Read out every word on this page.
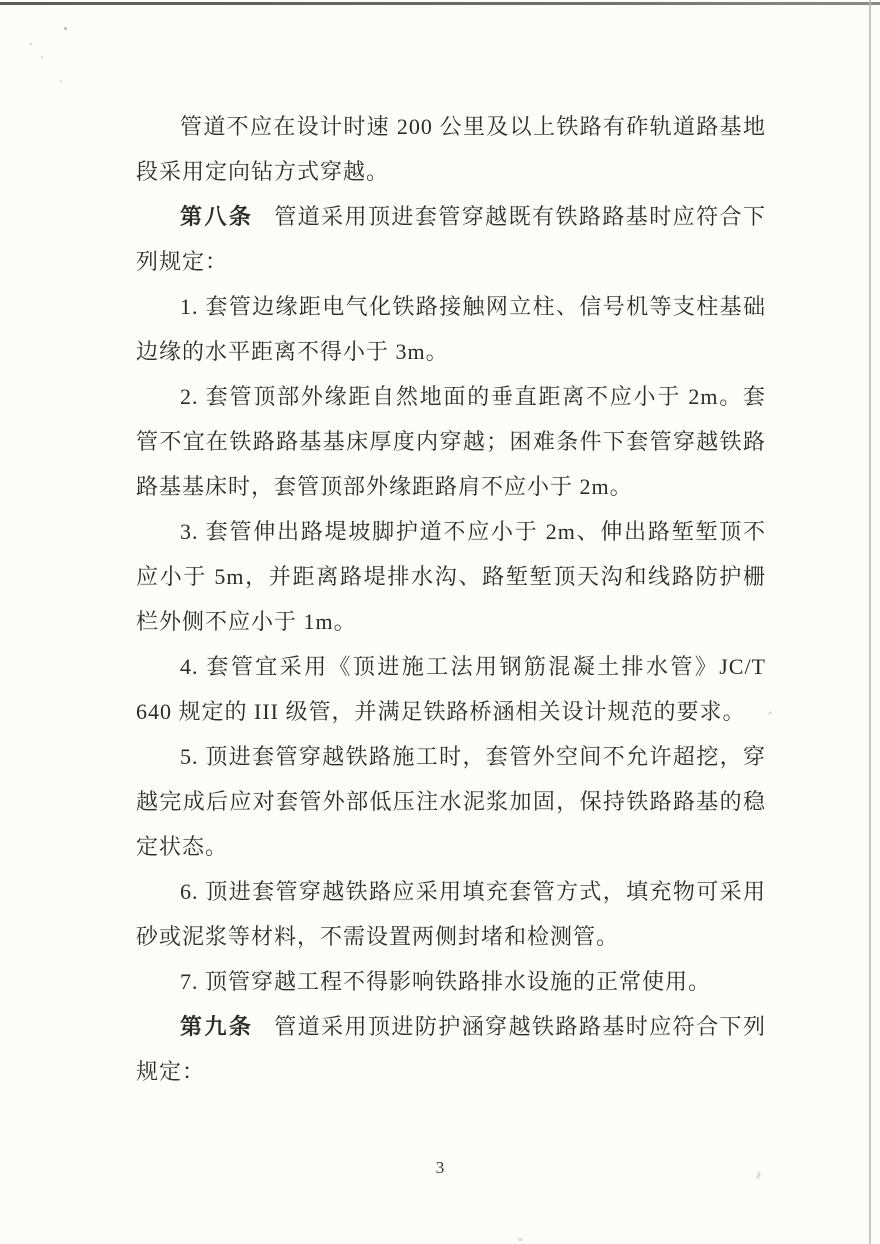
管道不应在设计时速 200 公里及以上铁路有砟轨道路基地段采用定向钻方式穿越。

第八条 管道采用顶进套管穿越既有铁路路基时应符合下列规定：

1. 套管边缘距电气化铁路接触网立柱、信号机等支柱基础边缘的水平距离不得小于 3m。

2. 套管顶部外缘距自然地面的垂直距离不应小于 2m。套管不宜在铁路路基基床厚度内穿越；困难条件下套管穿越铁路路基基床时，套管顶部外缘距路肩不应小于 2m。

3. 套管伸出路堤坡脚护道不应小于 2m、伸出路堑堑顶不应小于 5m，并距离路堤排水沟、路堑堑顶天沟和线路防护栅栏外侧不应小于 1m。

4. 套管宜采用《顶进施工法用钢筋混凝土排水管》JC/T 640 规定的 III 级管，并满足铁路桥涵相关设计规范的要求。

5. 顶进套管穿越铁路施工时，套管外空间不允许超挖，穿越完成后应对套管外部低压注水泥浆加固，保持铁路路基的稳定状态。

6. 顶进套管穿越铁路应采用填充套管方式，填充物可采用砂或泥浆等材料，不需设置两侧封堵和检测管。

7. 顶管穿越工程不得影响铁路排水设施的正常使用。

第九条 管道采用顶进防护涵穿越铁路路基时应符合下列规定：

3
